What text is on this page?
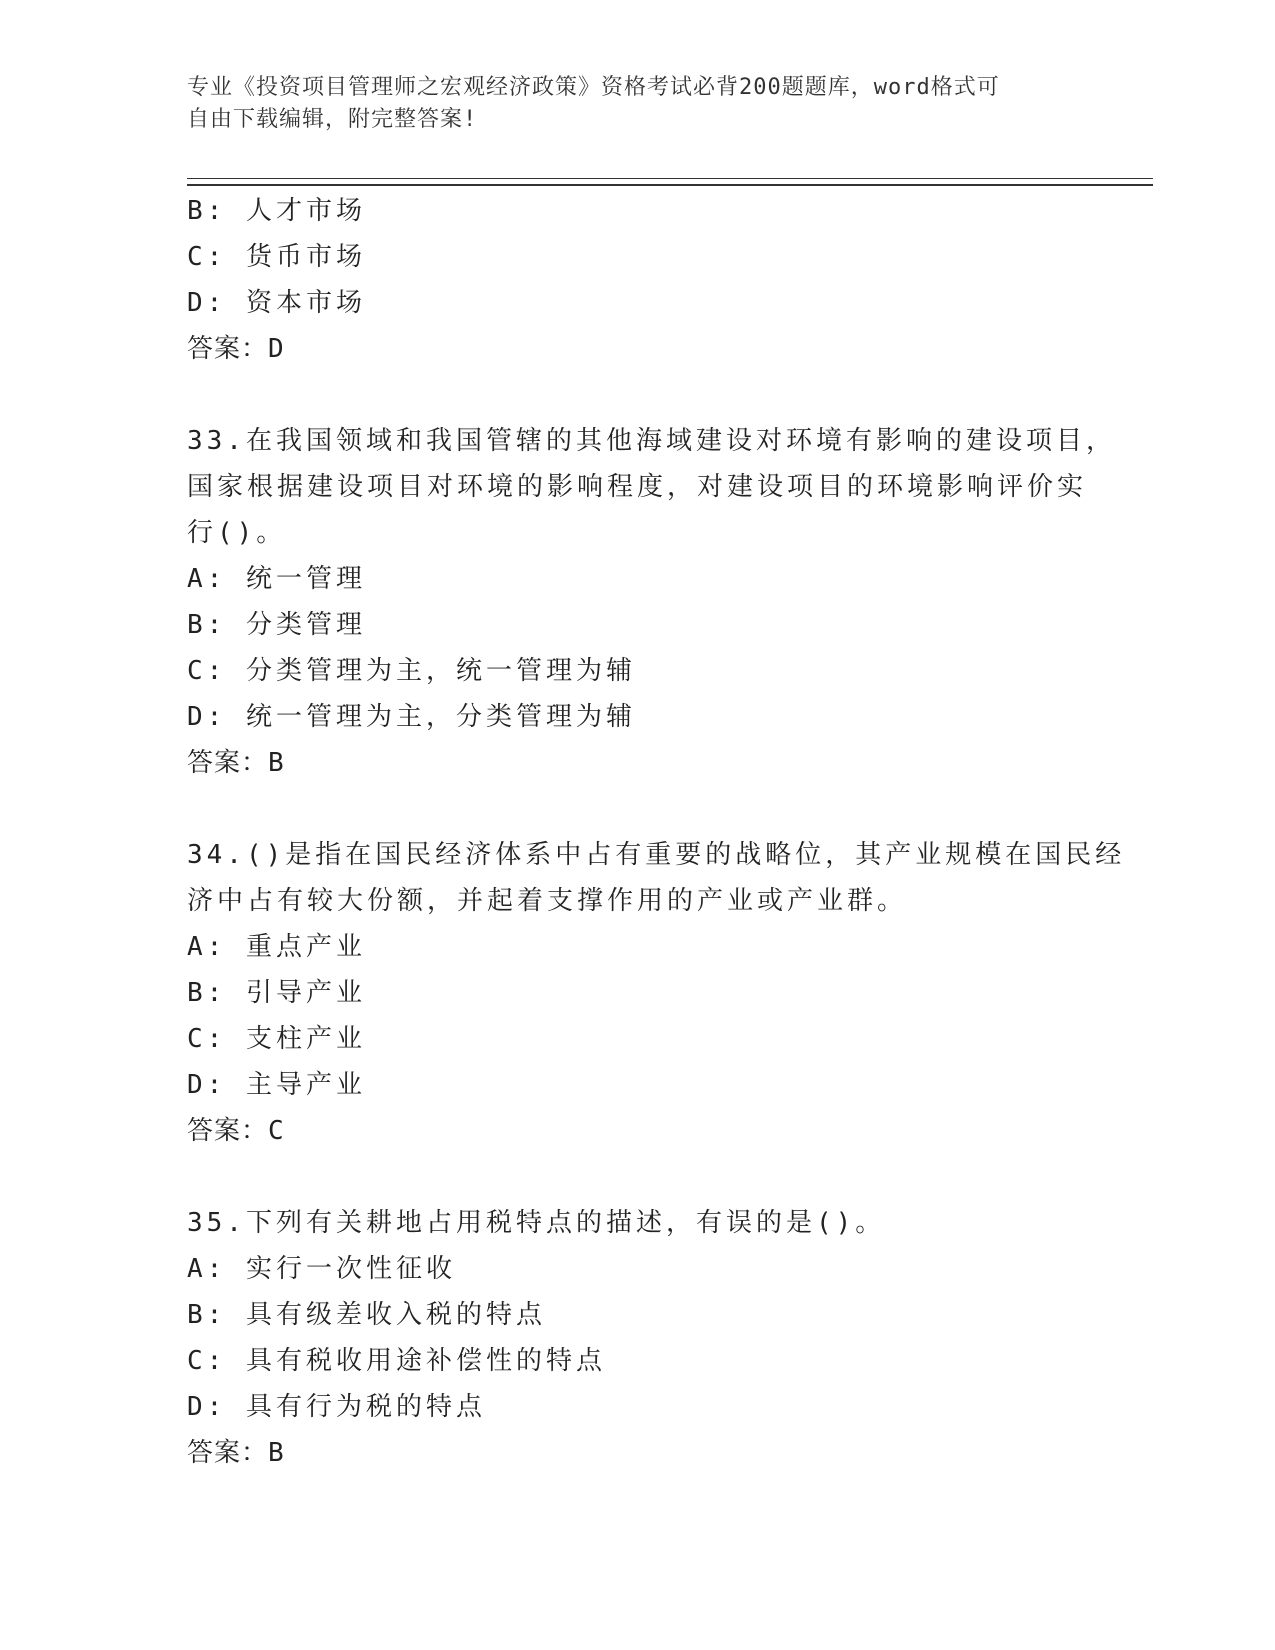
专业《投资项目管理师之宏观经济政策》资格考试必背200题题库，word格式可
自由下载编辑，附完整答案!
B: 人才市场
C: 货币市场
D: 资本市场
答案：D
33.在我国领域和我国管辖的其他海域建设对环境有影响的建设项目，
国家根据建设项目对环境的影响程度，对建设项目的环境影响评价实
行()。
A: 统一管理
B: 分类管理
C: 分类管理为主，统一管理为辅
D: 统一管理为主，分类管理为辅
答案：B
34.()是指在国民经济体系中占有重要的战略位，其产业规模在国民经
济中占有较大份额，并起着支撑作用的产业或产业群。
A: 重点产业
B: 引导产业
C: 支柱产业
D: 主导产业
答案：C
35.下列有关耕地占用税特点的描述，有误的是()。
A: 实行一次性征收
B: 具有级差收入税的特点
C: 具有税收用途补偿性的特点
D: 具有行为税的特点
答案：B
